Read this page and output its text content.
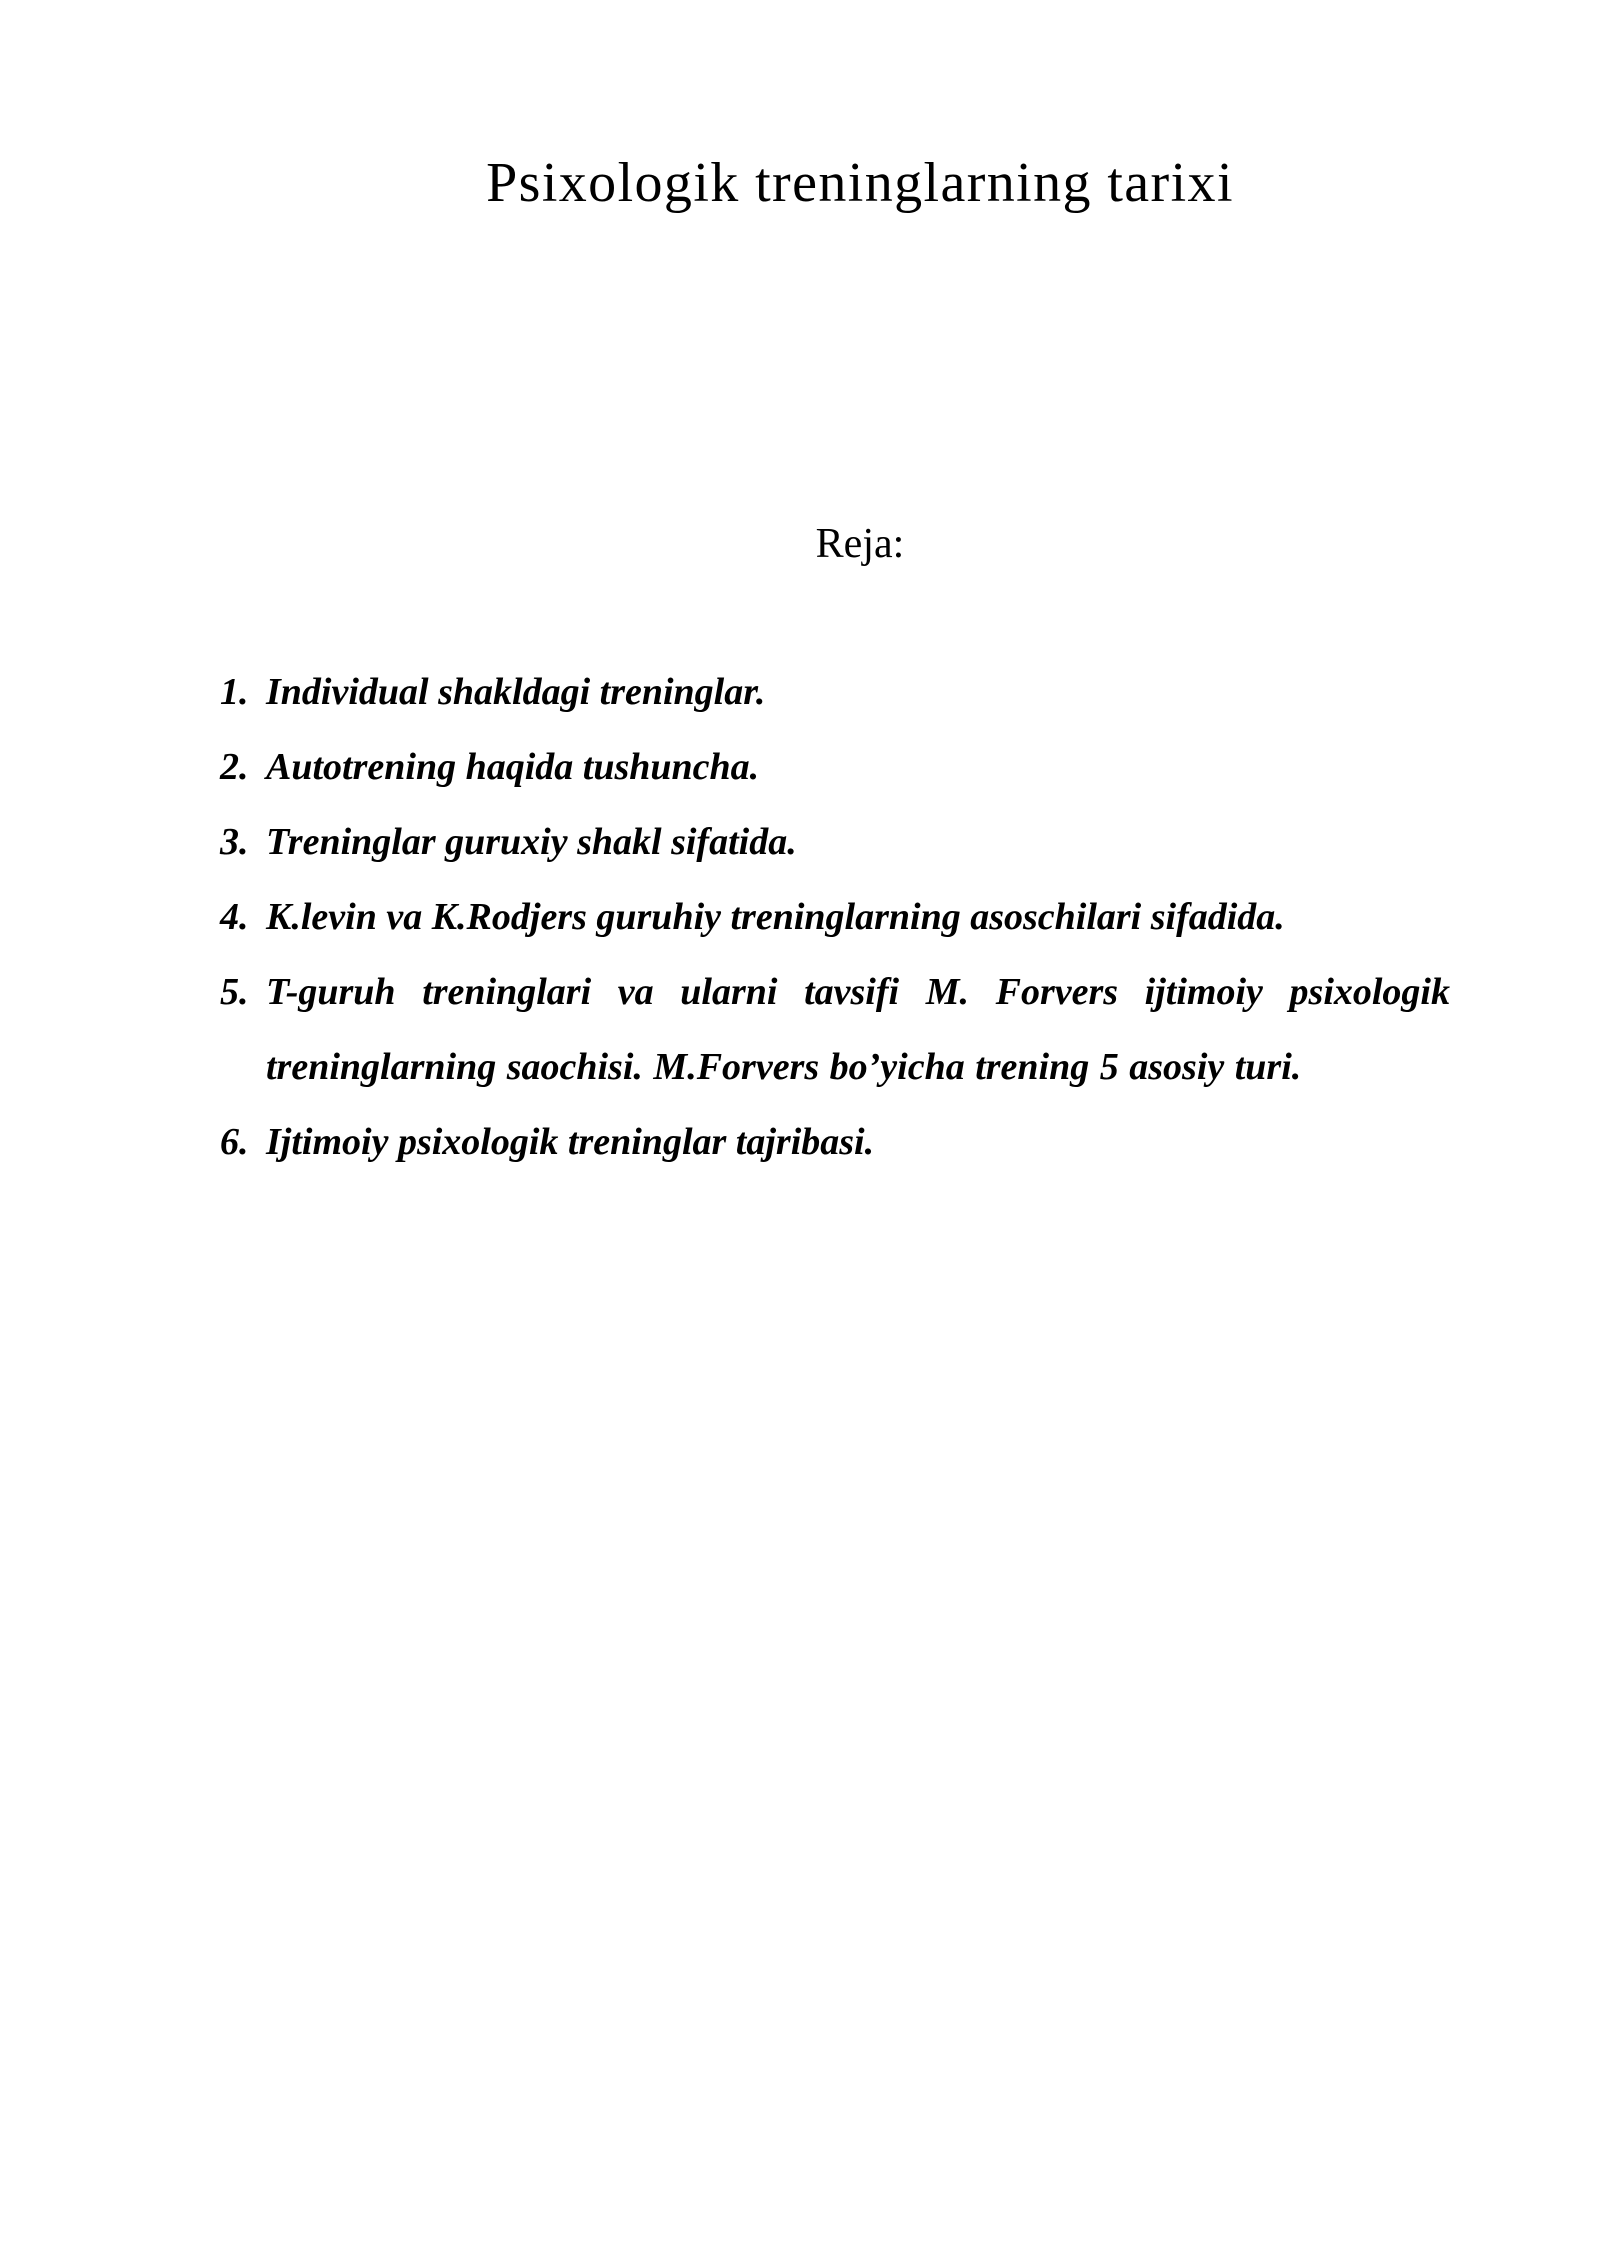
Psixologik treninglarning tarixi
Reja:
1. Individual shakldagi treninglar.
2. Autotrening haqida tushuncha.
3. Treninglar guruxiy shakl sifatida.
4. K.levin va K.Rodjers guruhiy treninglarning asoschilari sifadida.
5. T-guruh treninglari va ularni tavsifi M. Forvers ijtimoiy psixologik treninglarning saochisi. M.Forvers bo’yicha trening 5 asosiy turi.
6. Ijtimoiy psixologik treninglar tajribasi.
